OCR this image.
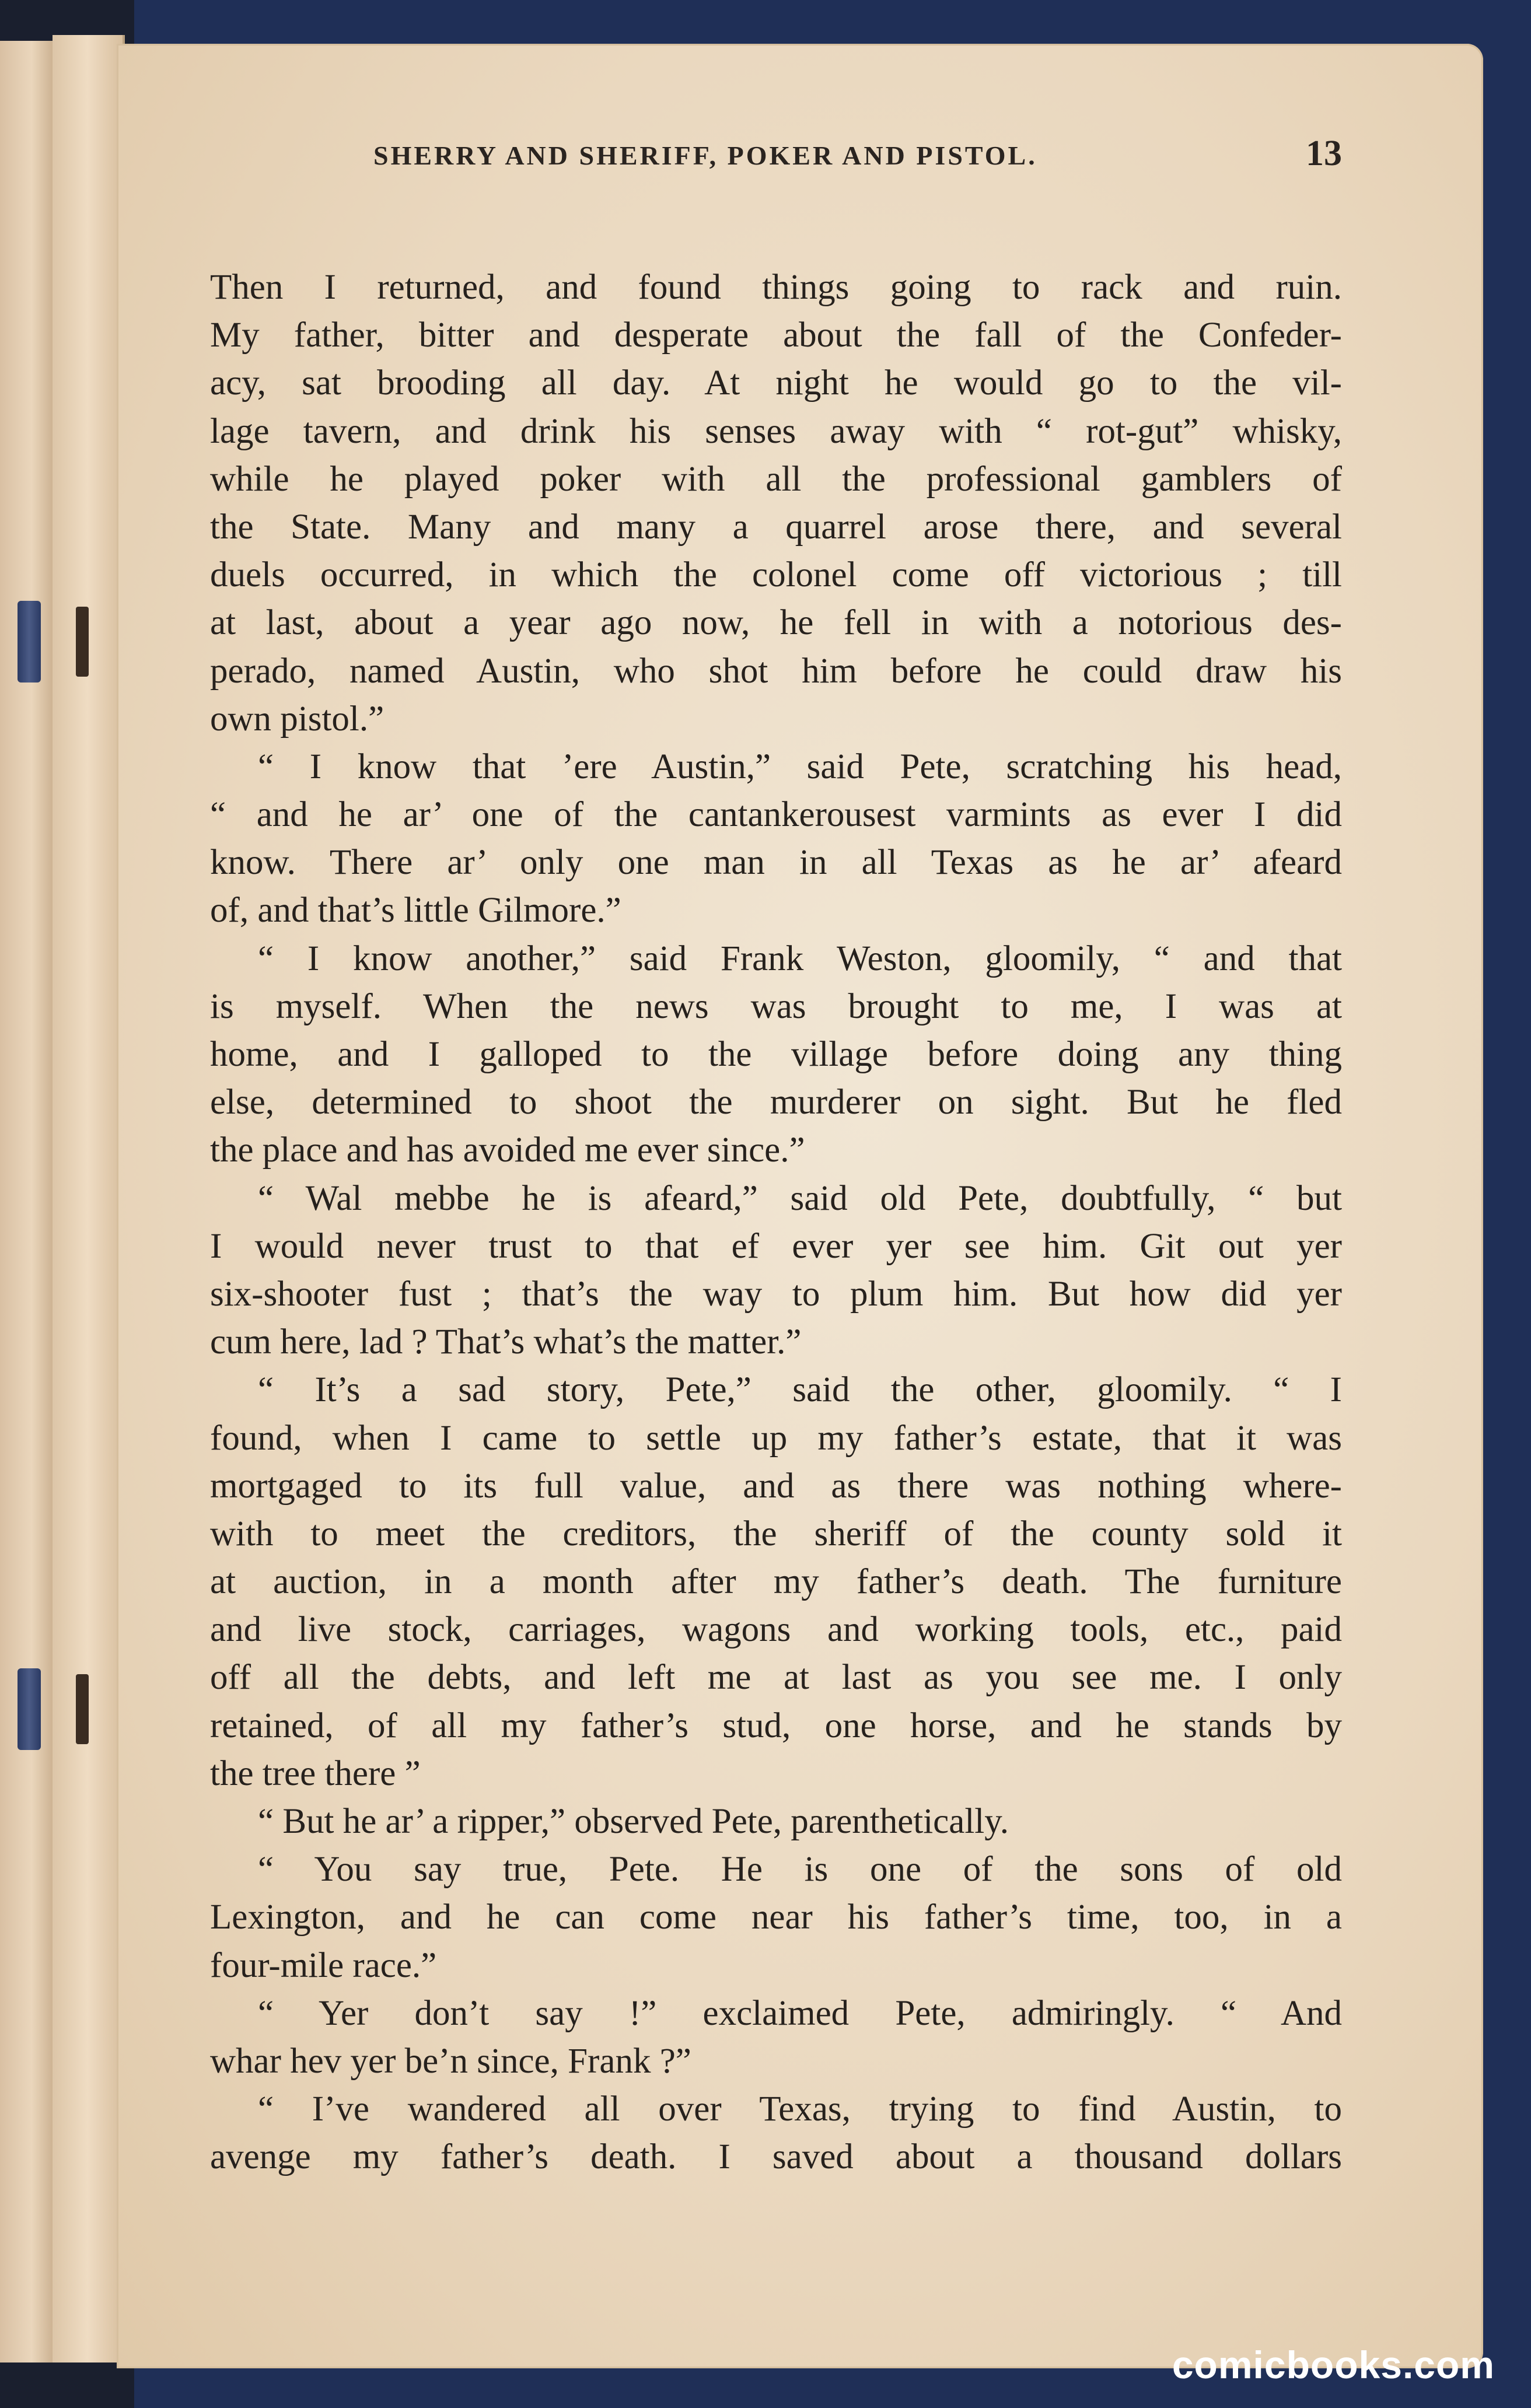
SHERRY AND SHERIFF, POKER AND PISTOL.	13
Then I returned, and found things going to rack and ruin.
My father, bitter and desperate about the fall of the Confeder-
acy, sat brooding all day. At night he would go to the vil-
lage tavern, and drink his senses away with “ rot-gut” whisky,
while he played poker with all the professional gamblers of
the State. Many and many a quarrel arose there, and several
duels occurred, in which the colonel come off victorious ; till
at last, about a year ago now, he fell in with a notorious des-
perado, named Austin, who shot him before he could draw his
own pistol.”
“ I know that ’ere Austin,” said Pete, scratching his head,
“ and he ar’ one of the cantankerousest varmints as ever I did
know. There ar’ only one man in all Texas as he ar’ afeard
of, and that’s little Gilmore.”
“ I know another,” said Frank Weston, gloomily, “ and that
is myself. When the news was brought to me, I was at
home, and I galloped to the village before doing any thing
else, determined to shoot the murderer on sight. But he fled
the place and has avoided me ever since.”
“ Wal mebbe he is afeard,” said old Pete, doubtfully, “ but
I would never trust to that ef ever yer see him. Git out yer
six-shooter fust ; that’s the way to plum him. But how did yer
cum here, lad ? That’s what’s the matter.”
“ It’s a sad story, Pete,” said the other, gloomily. “ I
found, when I came to settle up my father’s estate, that it was
mortgaged to its full value, and as there was nothing where-
with to meet the creditors, the sheriff of the county sold it
at auction, in a month after my father’s death. The furniture
and live stock, carriages, wagons and working tools, etc., paid
off all the debts, and left me at last as you see me. I only
retained, of all my father’s stud, one horse, and he stands by
the tree there ”
“ But he ar’ a ripper,” observed Pete, parenthetically.
“ You say true, Pete. He is one of the sons of old
Lexington, and he can come near his father’s time, too, in a
four-mile race.”
“ Yer don’t say !” exclaimed Pete, admiringly. “ And
whar hev yer be’n since, Frank ?”
“ I’ve wandered all over Texas, trying to find Austin, to
avenge my father’s death. I saved about a thousand dollars
comicbooks.com
